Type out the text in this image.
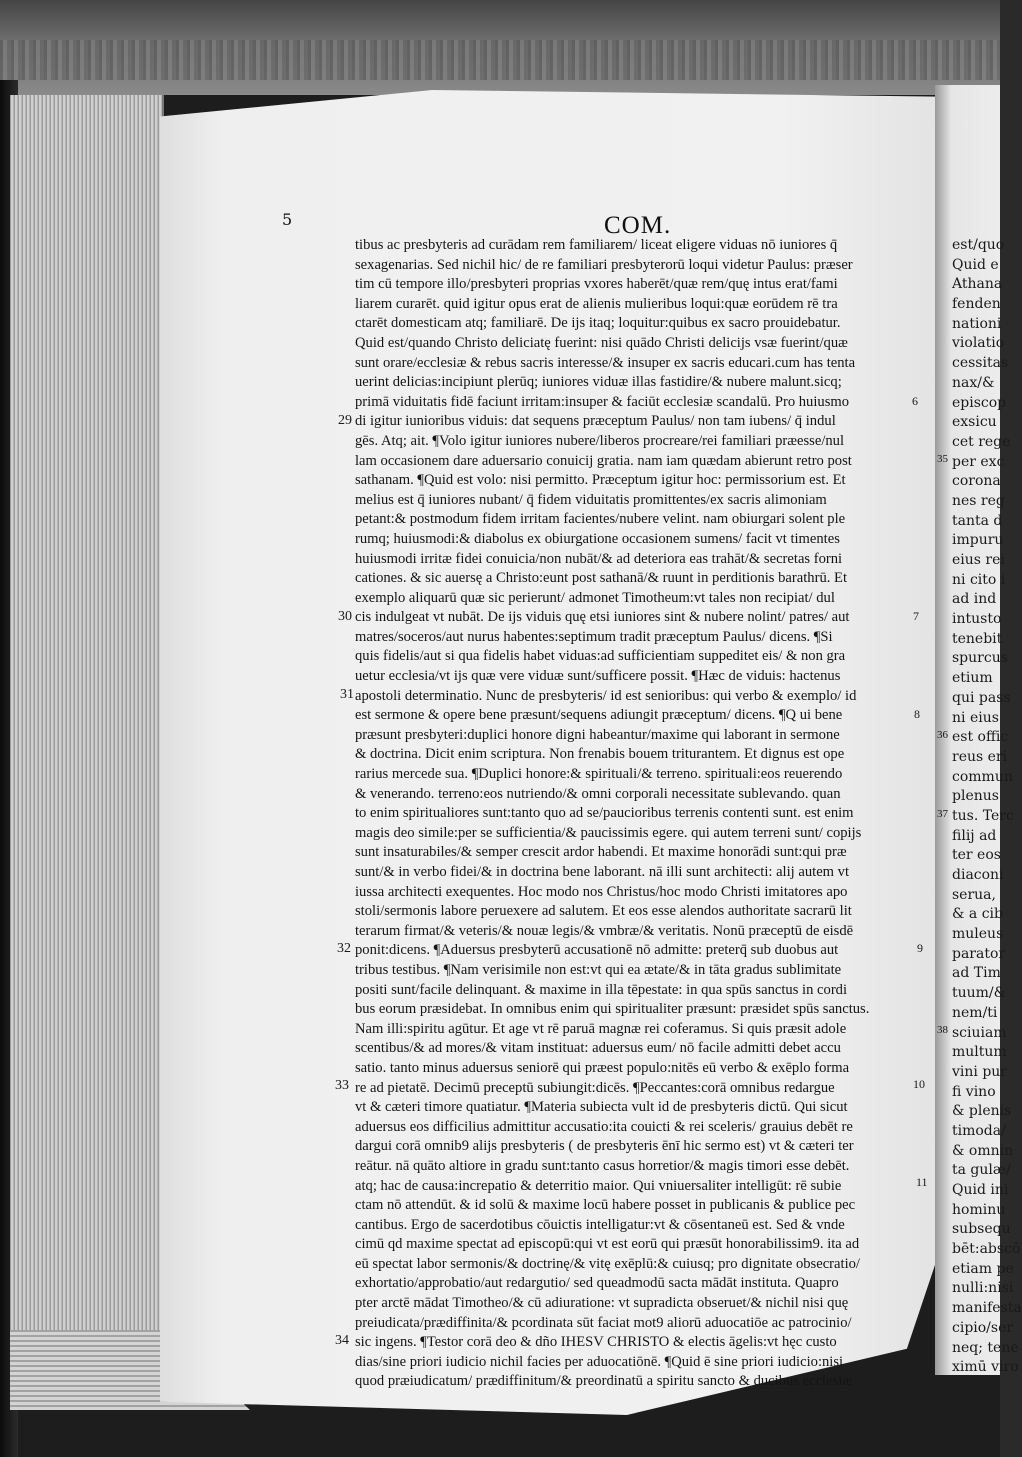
5	COM.
tibus ac presbyteris ad curādam rem familiarem/ liceat eligere viduas nō iuniores q̄
sexagenarias. Sed nichil hic/ de re familiari presbyterorū loqui videtur Paulus: præser
tim cū tempore illo/presbyteri proprias vxores haberēt/quæ rem/quę intus erat/fami
liarem curarēt. quid igitur opus erat de alienis mulieribus loqui:quæ eorūdem rē tra
ctarēt domesticam atq; familiarē. De ijs itaq; loquitur:quibus ex sacro prouidebatur.
Quid est/quando Christo deliciatę fuerint: nisi quādo Christi delicijs vsæ fuerint/quæ
sunt orare/ecclesiæ & rebus sacris interesse/& insuper ex sacris educari.cum has tenta
uerint delicias:incipiunt plerūq; iuniores viduæ illas fastidire/& nubere malunt.sicq;
primā viduitatis fidē faciunt irritam:insuper & faciūt ecclesiæ scandalū. Pro huiusmo
di igitur iunioribus viduis: dat sequens præceptum Paulus/ non tam iubens/ q̄ indul
gēs. Atq; ait. ¶Volo igitur iuniores nubere/liberos procreare/rei familiari præesse/nul
lam occasionem dare aduersario conuicij gratia. nam iam quædam abierunt retro post
sathanam. ¶Quid est volo: nisi permitto. Præceptum igitur hoc: permissorium est. Et
melius est q̄ iuniores nubant/ q̄ fidem viduitatis promittentes/ex sacris alimoniam
petant:& postmodum fidem irritam facientes/nubere velint. nam obiurgari solent ple
rumq; huiusmodi:& diabolus ex obiurgatione occasionem sumens/ facit vt timentes
huiusmodi irritæ fidei conuicia/non nubāt/& ad deteriora eas trahāt/& secretas forni
cationes. & sic auersę a Christo:eunt post sathanā/& ruunt in perditionis barathrū. Et
exemplo aliquarū quæ sic perierunt/ admonet Timotheum:vt tales non recipiat/ dul
cis indulgeat vt nubāt. De ijs viduis quę etsi iuniores sint & nubere nolint/ patres/ aut
matres/soceros/aut nurus habentes:septimum tradit præceptum Paulus/ dicens. ¶Si
quis fidelis/aut si qua fidelis habet viduas:ad sufficientiam suppeditet eis/ & non gra
uetur ecclesia/vt ijs quæ vere viduæ sunt/sufficere possit. ¶Hæc de viduis: hactenus
apostoli determinatio. Nunc de presbyteris/ id est senioribus: qui verbo & exemplo/ id
est sermone & opere bene præsunt/sequens adiungit præceptum/ dicens. ¶Q ui bene
præsunt presbyteri:duplici honore digni habeantur/maxime qui laborant in sermone
& doctrina. Dicit enim scriptura. Non frenabis bouem triturantem. Et dignus est ope
rarius mercede sua. ¶Duplici honore:& spirituali/& terreno. spirituali:eos reuerendo
& venerando. terreno:eos nutriendo/& omni corporali necessitate sublevando. quan
to enim spiritualiores sunt:tanto quo ad se/paucioribus terrenis contenti sunt. est enim
magis deo simile:per se sufficientia/& paucissimis egere. qui autem terreni sunt/ copijs
sunt insaturabiles/& semper crescit ardor habendi. Et maxime honorādi sunt:qui præ
sunt/& in verbo fidei/& in doctrina bene laborant. nā illi sunt architecti: alij autem vt
iussa architecti exequentes. Hoc modo nos Christus/hoc modo Christi imitatores apo
stoli/sermonis labore peruexere ad salutem. Et eos esse alendos authoritate sacrarū lit
terarum firmat/& veteris/& nouæ legis/& vmbræ/& veritatis. Nonū præceptū de eisdē
ponit:dicens. ¶Aduersus presbyterū accusationē nō admitte: preterq̄ sub duobus aut
tribus testibus. ¶Nam verisimile non est:vt qui ea ætate/& in tāta gradus sublimitate
positi sunt/facile delinquant. & maxime in illa tēpestate: in qua spūs sanctus in cordi
bus eorum præsidebat. In omnibus enim qui spiritualiter præsunt: præsidet spūs sanctus.
Nam illi:spiritu agūtur. Et age vt rē paruā magnæ rei coferamus. Si quis præsit adole
scentibus/& ad mores/& vitam instituat: aduersus eum/ nō facile admitti debet accu
satio. tanto minus aduersus seniorē qui præest populo:nitēs eū verbo & exēplo forma
re ad pietatē. Decimū preceptū subiungit:dicēs. ¶Peccantes:corā omnibus redargue
vt & cæteri timore quatiatur. ¶Materia subiecta vult id de presbyteris dictū. Qui sicut
aduersus eos difficilius admittitur accusatio:ita couicti & rei sceleris/ grauius debēt re
dargui corā omnib9 alijs presbyteris ( de presbyteris ēnī hic sermo est) vt & cæteri ter
reātur. nā quāto altiore in gradu sunt:tanto casus horretior/& magis timori esse debēt.
atq; hac de causa:increpatio & deterritio maior. Qui vniuersaliter intelligūt: rē subie
ctam nō attendūt. & id solū & maxime locū habere posset in publicanis & publice pec
cantibus. Ergo de sacerdotibus cōuictis intelligatur:vt & cōsentaneū est. Sed & vnde
cimū qd maxime spectat ad episcopū:qui vt est eorū qui præsūt honorabilissim9. ita ad
eū spectat labor sermonis/& doctrinę/& vitę exēplū:& cuiusq; pro dignitate obsecratio/
exhortatio/approbatio/aut redargutio/ sed queadmodū sacta mādāt instituta. Quapro
pter arctē mādat Timotheo/& cū adiuratione: vt supradicta obseruet/& nichil nisi quę
preiudicata/prædiffinita/& pcordinata sūt faciat mot9 aliorū aduocatiōe ac patrocinio/
sic ingens. ¶Testor corā deo & dño IHESV CHRISTO & electis āgelis:vt hęc custo
dias/sine priori iudicio nichil facies per aduocatiōnē. ¶Quid ē sine priori iudicio:nisi
quod præiudicatum/ prædiffinitum/& preordinatū a spiritu sancto & ducibus ecclesiæ
29
30
31
32
33
34
6
7
8
9
10
11
est/quo
Quid e
Athana
fenden
nationi
violatio
cessitas
nax/&
episcop
exsicu
cet rege
per exc
corona
nes reg
tanta d
impuru
eius rei
ni cito i
ad ind
intusto
tenebit
spurcus
etium
qui pass
ni eius
est offic
reus eri
commun
plenus
tus. Terc
filij ad
ter eos
diaconi
serua,
& a cib
muleus
parator
ad Tim
tuum/&
nem/ti
sciuiam
multum
vini pur
fi vino
& plenis
timoda/
& omnin
ta gulæ/
Quid ini
hominu
subsequ
bēt:abscō
etiam pe
nulli:nisi
manifesta
cipio/ser
neq; tene
ximū viro
35
36
37
38
